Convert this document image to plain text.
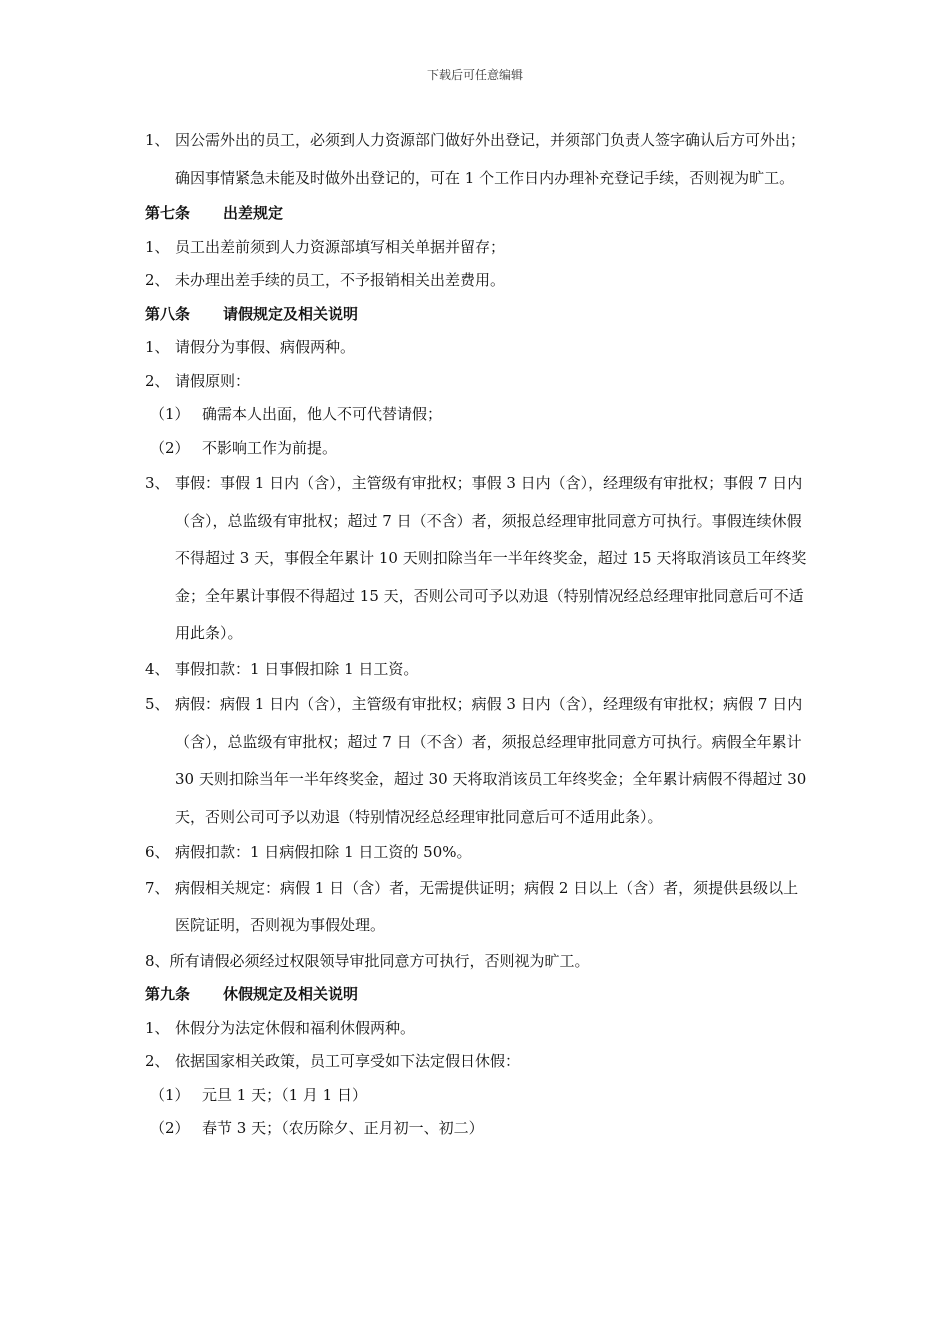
下载后可任意编辑
1、 因公需外出的员工，必须到人力资源部门做好外出登记，并须部门负责人签字确认后方可外出；确因事情紧急未能及时做外出登记的，可在 1 个工作日内办理补充登记手续，否则视为旷工。
第七条 出差规定
1、 员工出差前须到人力资源部填写相关单据并留存；
2、 未办理出差手续的员工，不予报销相关出差费用。
第八条 请假规定及相关说明
1、 请假分为事假、病假两种。
2、 请假原则：
（1） 确需本人出面，他人不可代替请假；
（2） 不影响工作为前提。
3、 事假：事假 1 日内（含），主管级有审批权；事假 3 日内（含），经理级有审批权；事假 7 日内（含），总监级有审批权；超过 7 日（不含）者，须报总经理审批同意方可执行。事假连续休假不得超过 3 天，事假全年累计 10 天则扣除当年一半年终奖金，超过 15 天将取消该员工年终奖金；全年累计事假不得超过 15 天，否则公司可予以劝退（特别情况经总经理审批同意后可不适用此条）。
4、 事假扣款：1 日事假扣除 1 日工资。
5、 病假：病假 1 日内（含），主管级有审批权；病假 3 日内（含），经理级有审批权；病假 7 日内（含），总监级有审批权；超过 7 日（不含）者，须报总经理审批同意方可执行。病假全年累计 30 天则扣除当年一半年终奖金，超过 30 天将取消该员工年终奖金；全年累计病假不得超过 30 天，否则公司可予以劝退（特别情况经总经理审批同意后可不适用此条）。
6、 病假扣款：1 日病假扣除 1 日工资的 50%。
7、 病假相关规定：病假 1 日（含）者，无需提供证明；病假 2 日以上（含）者，须提供县级以上医院证明，否则视为事假处理。
8、所有请假必须经过权限领导审批同意方可执行，否则视为旷工。
第九条 休假规定及相关说明
1、 休假分为法定休假和福利休假两种。
2、 依据国家相关政策，员工可享受如下法定假日休假：
（1） 元旦 1 天；（1 月 1 日）
（2） 春节 3 天；（农历除夕、正月初一、初二）
